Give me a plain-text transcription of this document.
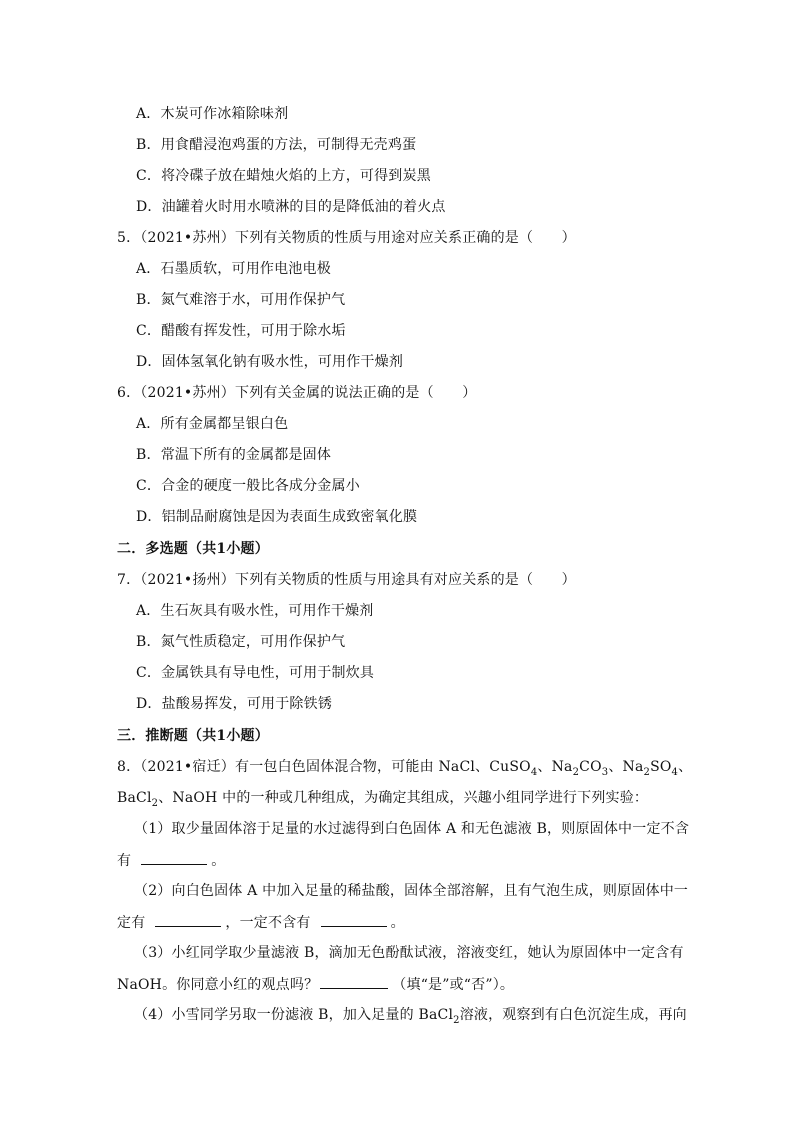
A．木炭可作冰箱除味剂
B．用食醋浸泡鸡蛋的方法，可制得无壳鸡蛋
C．将冷碟子放在蜡烛火焰的上方，可得到炭黑
D．油罐着火时用水喷淋的目的是降低油的着火点
5．（2021•苏州）下列有关物质的性质与用途对应关系正确的是（　　）
A．石墨质软，可用作电池电极
B．氮气难溶于水，可用作保护气
C．醋酸有挥发性，可用于除水垢
D．固体氢氧化钠有吸水性，可用作干燥剂
6．（2021•苏州）下列有关金属的说法正确的是（　　）
A．所有金属都呈银白色
B．常温下所有的金属都是固体
C．合金的硬度一般比各成分金属小
D．铝制品耐腐蚀是因为表面生成致密氧化膜
二．多选题（共1小题）
7．（2021•扬州）下列有关物质的性质与用途具有对应关系的是（　　）
A．生石灰具有吸水性，可用作干燥剂
B．氮气性质稳定，可用作保护气
C．金属铁具有导电性，可用于制炊具
D．盐酸易挥发，可用于除铁锈
三．推断题（共1小题）
8．（2021•宿迁）有一包白色固体混合物，可能由 NaCl、CuSO$_4$、$Na_2CO_3$、$Na_2SO_4$、
BaCl$_2$、NaOH 中的一种或几种组成，为确定其组成，兴趣小组同学进行下列实验：
（1）取少量固体溶于足量的水过滤得到白色固体 A 和无色滤液 B，则原固体中一定不含
有	。
（2）向白色固体 A 中加入足量的稀盐酸，固体全部溶解，且有气泡生成，则原固体中一
定有	，一定不含有	。
（3）小红同学取少量滤液 B，滴加无色酚酞试液，溶液变红，她认为原固体中一定含有
NaOH。你同意小红的观点吗？	（填“是”或“否”）。
（4）小雪同学另取一份滤液 B，加入足量的 BaCl$_2$溶液，观察到有白色沉淀生成，再向
